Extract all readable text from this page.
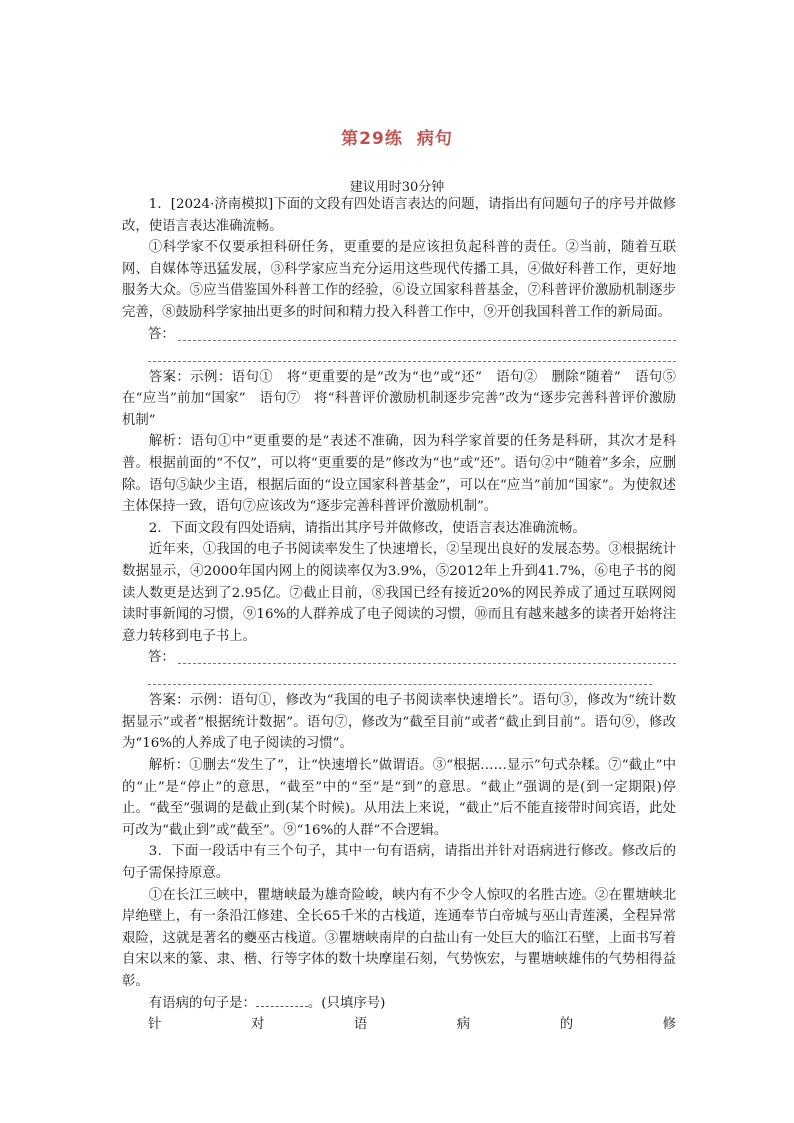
第29练 病句
建议用时30分钟

1．[2024·济南模拟]下面的文段有四处语言表达的问题，请指出有问题句子的序号并做修改，使语言表达准确流畅。

①科学家不仅要承担科研任务，更重要的是应该担负起科普的责任。②当前，随着互联网、自媒体等迅猛发展，③科学家应当充分运用这些现代传播工具，④做好科普工作，更好地服务大众。⑤应当借鉴国外科普工作的经验，⑥设立国家科普基金，⑦科普评价激励机制逐步完善，⑧鼓励科学家抽出更多的时间和精力投入科普工作中，⑨开创我国科普工作的新局面。

答：

答案：示例：语句①　将“更重要的是”改为“也”或“还”　语句②　删除“随着”　语句⑤　在“应当”前加“国家”　语句⑦　将“科普评价激励机制逐步完善”改为“逐步完善科普评价激励机制”

解析：语句①中“更重要的是”表述不准确，因为科学家首要的任务是科研，其次才是科普。根据前面的“不仅”，可以将“更重要的是”修改为“也”或“还”。语句②中“随着”多余，应删除。语句⑤缺少主语，根据后面的“设立国家科普基金”，可以在“应当”前加“国家”。为使叙述主体保持一致，语句⑦应该改为“逐步完善科普评价激励机制”。

2．下面文段有四处语病，请指出其序号并做修改，使语言表达准确流畅。

近年来，①我国的电子书阅读率发生了快速增长，②呈现出良好的发展态势。③根据统计数据显示，④2000年国内网上的阅读率仅为3.9%，⑤2012年上升到41.7%，⑥电子书的阅读人数更是达到了2.95亿。⑦截止目前，⑧我国已经有接近20%的网民养成了通过互联网阅读时事新闻的习惯，⑨16%的人群养成了电子阅读的习惯，⑩而且有越来越多的读者开始将注意力转移到电子书上。

答：

答案：示例：语句①，修改为“我国的电子书阅读率快速增长”。语句③，修改为“统计数据显示”或者“根据统计数据”。语句⑦，修改为“截至目前”或者“截止到目前”。语句⑨，修改为“16%的人养成了电子阅读的习惯”。

解析：①删去“发生了”，让“快速增长”做谓语。③“根据……显示”句式杂糅。⑦“截止”中的“止”是“停止”的意思，“截至”中的“至”是“到”的意思。“截止”强调的是(到一定期限)停止。“截至”强调的是截止到(某个时候)。从用法上来说，“截止”后不能直接带时间宾语，此处可改为“截止到”或“截至”。⑨“16%的人群”不合逻辑。

3．下面一段话中有三个句子，其中一句有语病，请指出并针对语病进行修改。修改后的句子需保持原意。

①在长江三峡中，瞿塘峡最为雄奇险峻，峡内有不少令人惊叹的名胜古迹。②在瞿塘峡北岸绝壁上，有一条沿江修建、全长65千米的古栈道，连通奉节白帝城与巫山青莲溪，全程异常艰险，这就是著名的夔巫古栈道。③瞿塘峡南岸的白盐山有一处巨大的临江石壁，上面书写着自宋以来的篆、隶、楷、行等字体的数十块摩崖石刻，气势恢宏，与瞿塘峡雄伟的气势相得益彰。

有语病的句子是：	。(只填序号)

针	对	语	病	的	修
